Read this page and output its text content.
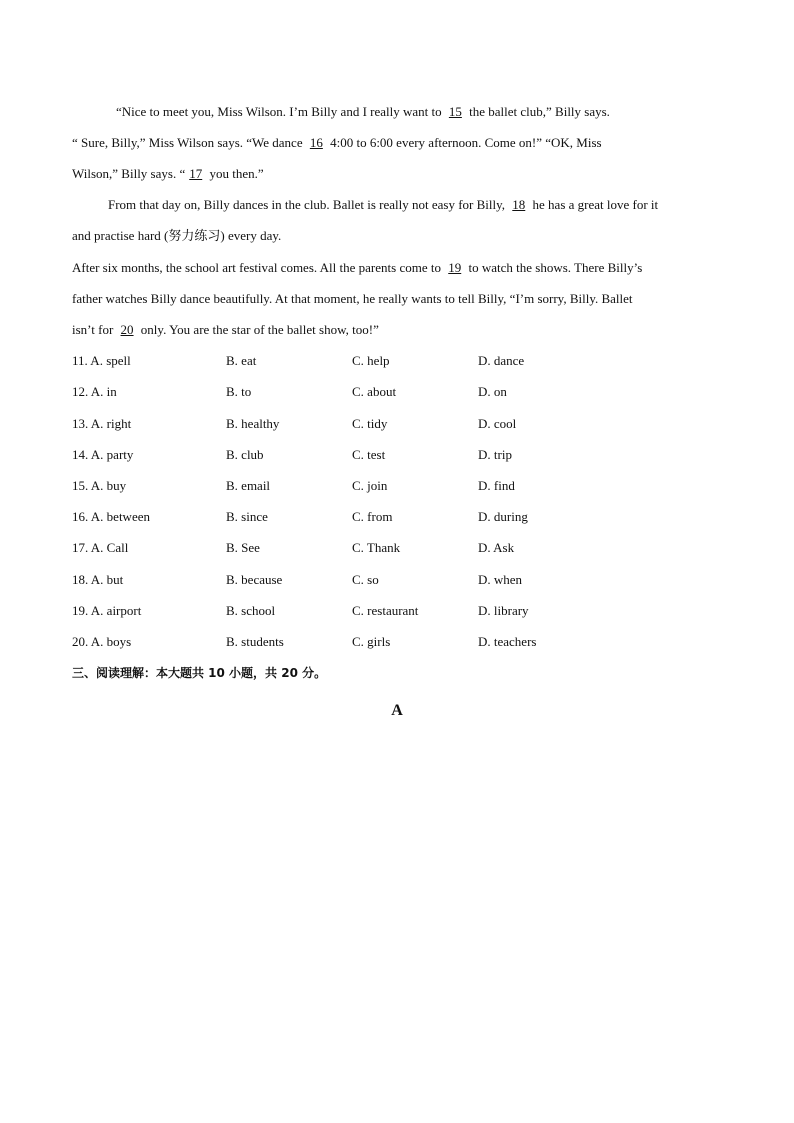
“Nice to meet you, Miss Wilson. I’m Billy and I really want to 15 the ballet club,” Billy says.
“ Sure, Billy,” Miss Wilson says. “We dance 16 4:00 to 6:00 every afternoon. Come on!” “OK, Miss
Wilson,” Billy says. “ 17 you then.”
From that day on, Billy dances in the club. Ballet is really not easy for Billy, 18 he has a great love for it
and practise hard (努力练习) every day.
After six months, the school art festival comes. All the parents come to 19 to watch the shows. There Billy’s
father watches Billy dance beautifully. At that moment, he really wants to tell Billy, “I’m sorry, Billy. Ballet
isn’t for 20 only. You are the star of the ballet show, too!”
11. A. spell	B. eat	C. help	D. dance
12. A. in	B. to	C. about	D. on
13. A. right	B. healthy	C. tidy	D. cool
14. A. party	B. club	C. test	D. trip
15. A. buy	B. email	C. join	D. find
16. A. between	B. since	C. from	D. during
17. A. Call	B. See	C. Thank	D. Ask
18. A. but	B. because	C. so	D. when
19. A. airport	B. school	C. restaurant	D. library
20. A. boys	B. students	C. girls	D. teachers
三、阅读理解：本大题共 10 小题，共 20 分。
A
